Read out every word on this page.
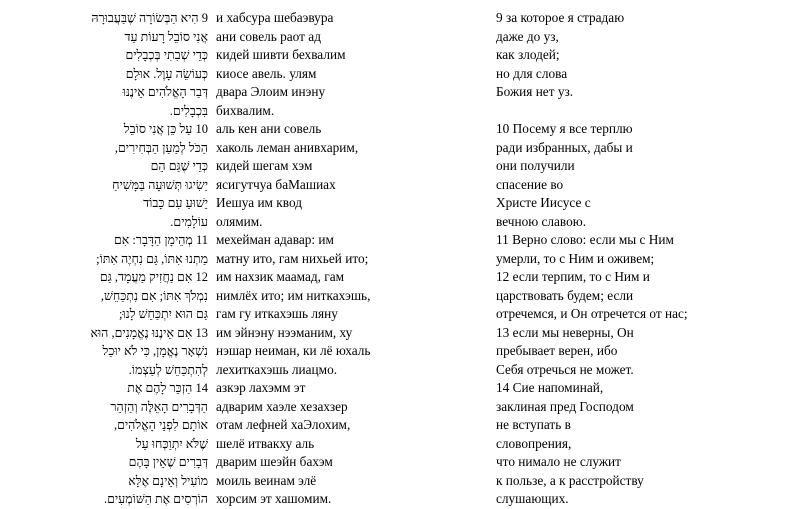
9 הִיא הַבְּשׂוֹרָה שֶׁבַּעֲבוּרָהּ
אֲנִי סוֹבֵל רָעוֹת עַד
כְּדֵי שְׁבִתִי בְּכְבָלִים
כְּעוֹשֵׂה עָוֶל. אוּלָם
דְּבַר הָאֱלֹהִים אֵינֶנּוּ
בִּכְבָלִים.
10 עַל כֵּן אֲנִי סוֹבֵל
הַכֹּל לְמַעַן הַבְּחִירִים,
כְּדֵי שֶׁגַּם הֵם
יַשִׂיגוּ תְּשׁוּעָה בַּמָּשִׁיחַ
יֵשׁוּעַ עִם כָּבוֹד
עוֹלָמִים.
11 מְהֵימָן הַדָּבָר: אִם
מַתְנוּ אִתּוֹ, גַּם נִחְיֶה אִתּוֹ;
12 אִם נַחֲזִיק מַעֲמָד, גַּם
נִמְלֹךְ אִתּוֹ; אִם נִתְכַּחֵשׁ,
גַּם הוּא יִתְכַּחֵשׁ לָנוּ;
13 אִם אֵינֶנּוּ נֶאֱמָנִים, הוּא
נִשְׁאָר נֶאֱמָן, כִּי לֹא יוּכַל
לְהִתְכַּחֵשׁ לְעַצְמוֹ.
14 הַזְכֵּר לָהֶם אֶת
הַדְּבָרִים הָאֵלֶּה וְהַזְהֵר
אוֹתָם לִפְנֵי הָאֱלֹהִים,
שֶׁלֹּא יִתְוַכְּחוּ עַל
דְּבָרִים שֶׁאֵין בָּהֶם
מוֹעִיל וְאֵינָם אֶלָּא
הוֹרְסִים אֶת הַשּׁוֹמְעִים.
и хабсура шебаэвура
ани совель раот ад
кидей шивти бехвалим
киосе авель. улям
двара Элоим инэну
бихвалим.
аль кен ани совель
хаколь леман анивхарим,
кидей шегам хэм
ясигутчуа баМашиах
Иешуа им квод
олямим.
мехейман адавар: им
матну ито, гам ниxьей ито;
им нахзик маамад, гам
нимлёх ито; им ниткахэшь,
гам гу иткахэшь ляну
им эйнэну нээманим, ху
нэшар неиман, ки лё юхаль
лехиткахэшь лиацмо.
азкэр лахэмм эт
адварим хаэле хезахзер
отам лефней хаЭлохим,
шелё итвакху аль
дварим шеэйн бахэм
моиль веинам элё
хорсим эт хашомим.
9 за которое я страдаю
даже до уз,
как злодей;
но для слова
Божия нет уз.
10 Посему я все терплю
ради избранных, дабы и
они получили
спасение во
Христе Иисусе с
вечною славою.
11 Верно слово: если мы с Ним
умерли, то с Ним и оживем;
12 если терпим, то с Ним и
царствовать будем; если
отречемся, и Он отречется от нас;
13 если мы неверны, Он
пребывает верен, ибо
Себя отречься не может.
14 Сие напоминай,
заклиная пред Господом
не вступать в
словопрения,
что нимало не служит
к пользе, а к расстройству
слушающих.
